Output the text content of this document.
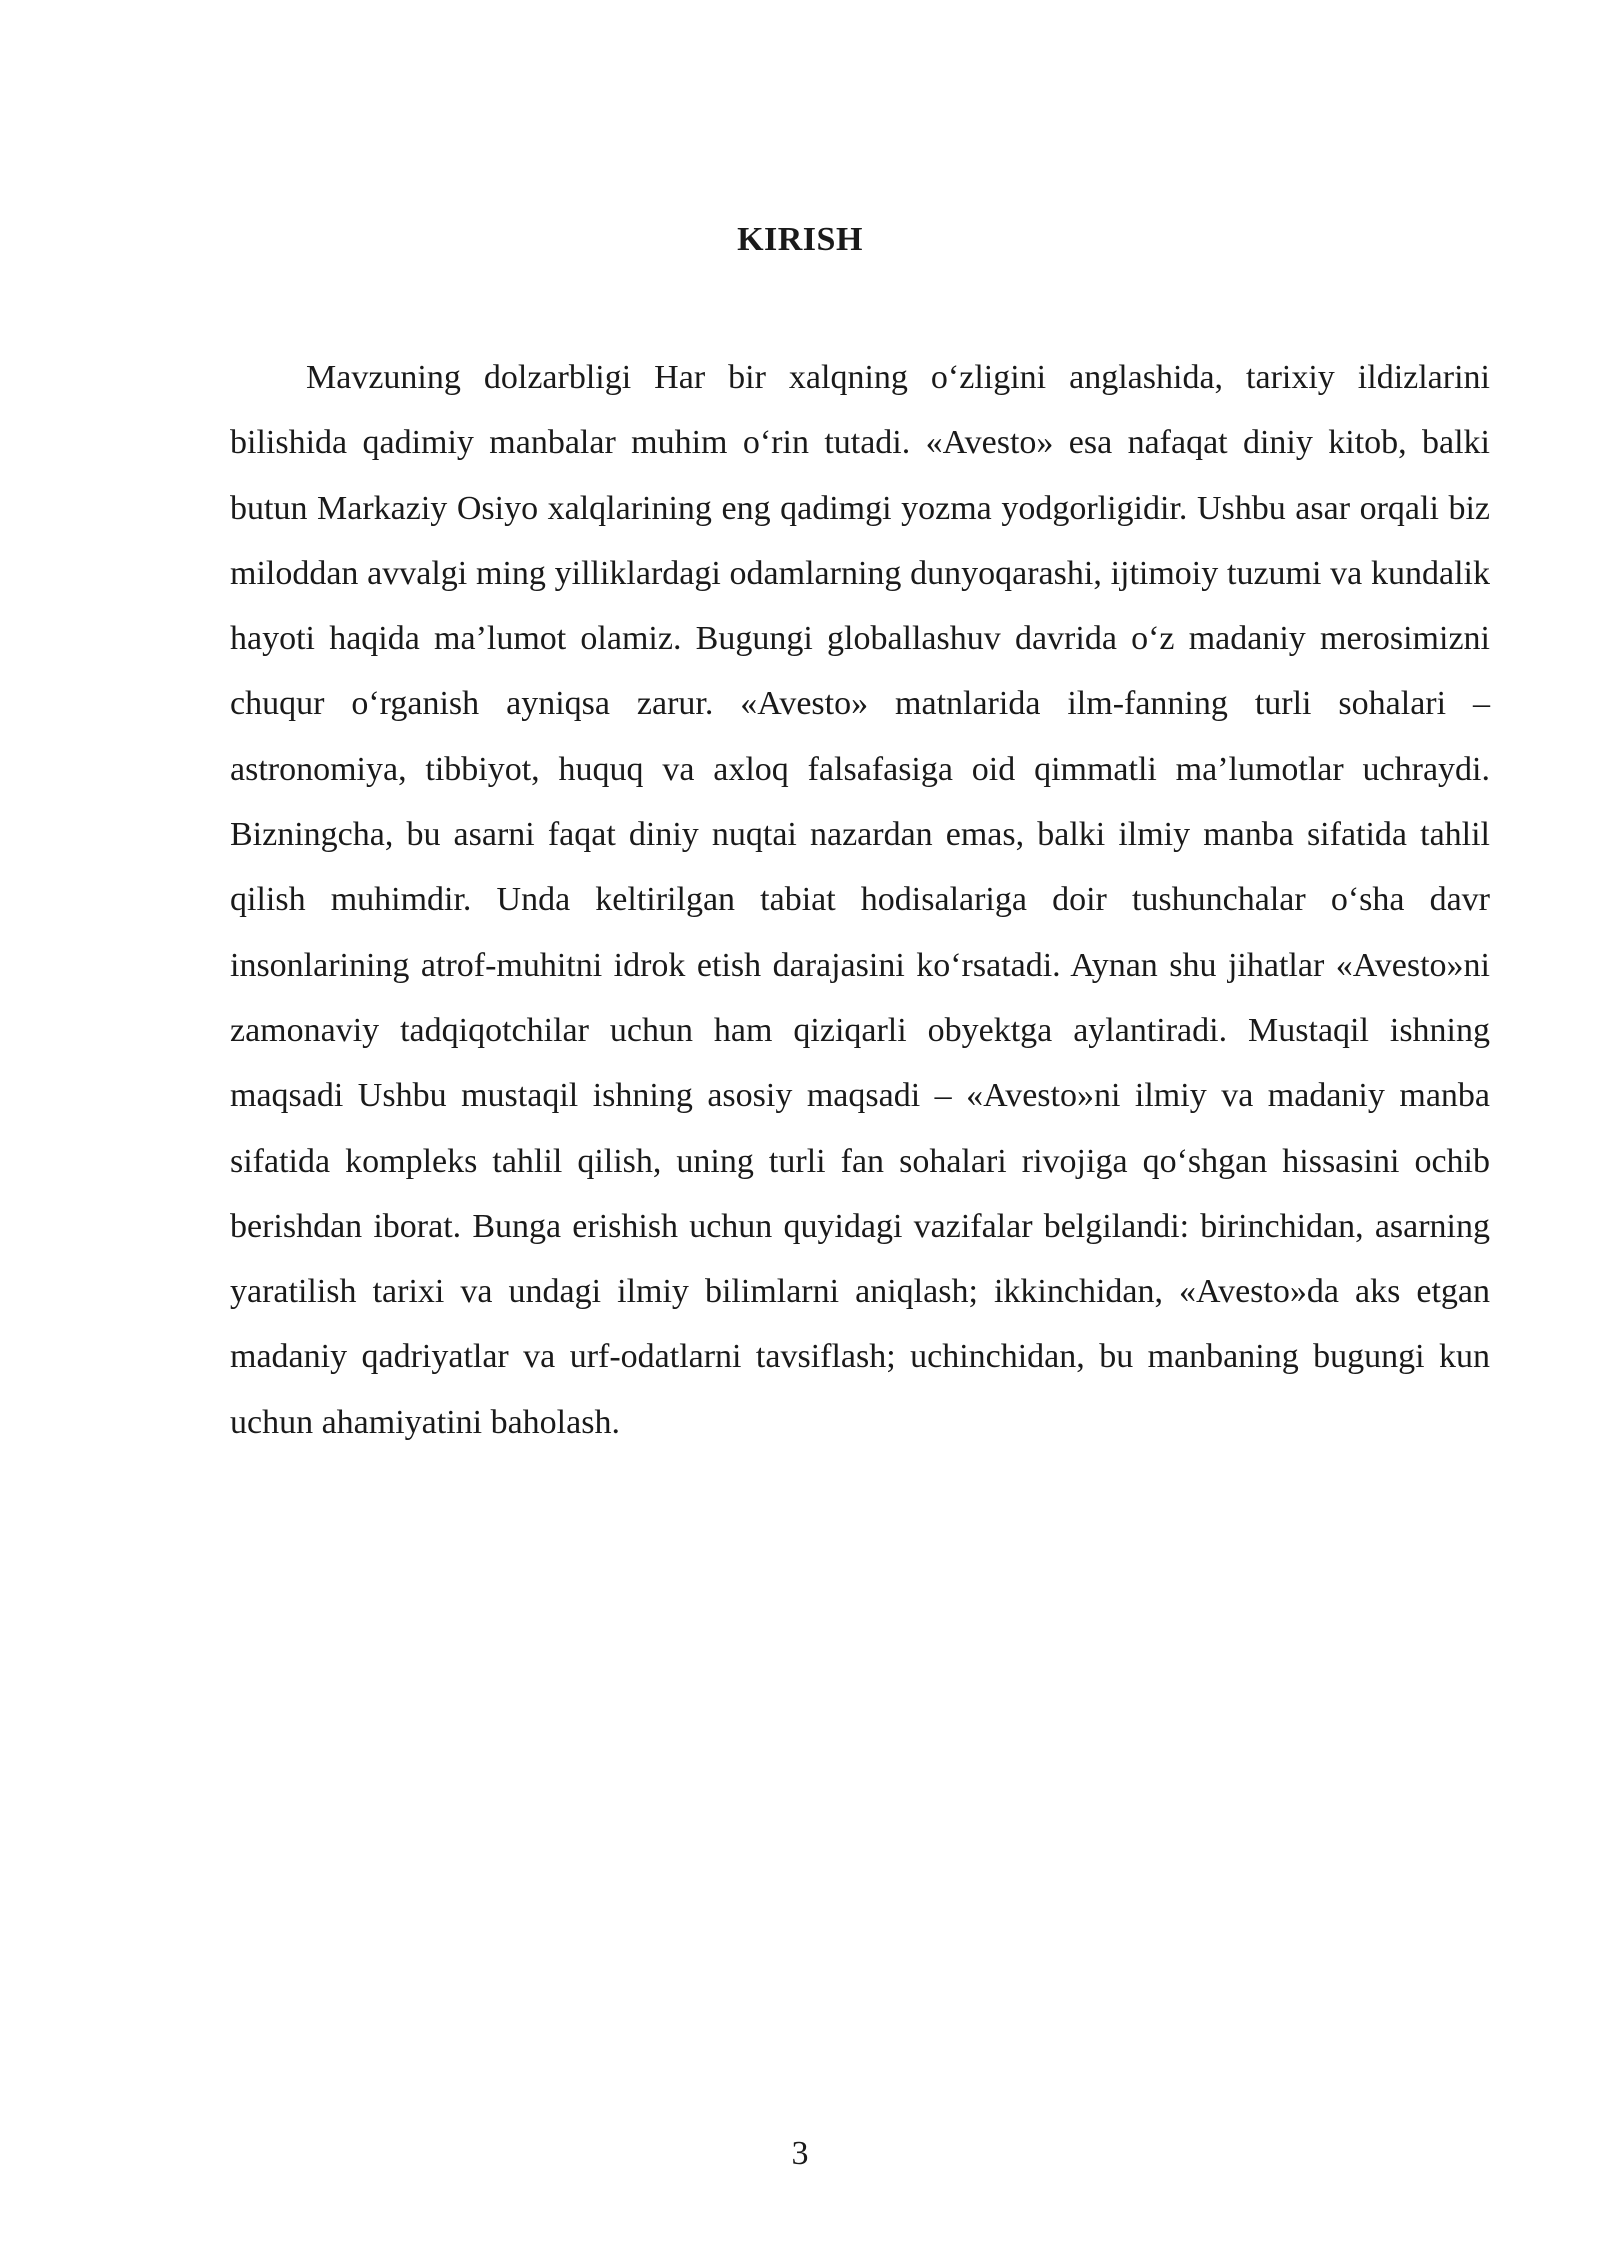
KIRISH

Mavzuning dolzarbligi Har bir xalqning o‘zligini anglashida, tarixiy ildizlarini bilishida qadimiy manbalar muhim o‘rin tutadi. «Avesto» esa nafaqat diniy kitob, balki butun Markaziy Osiyo xalqlarining eng qadimgi yozma yodgorligidir. Ushbu asar orqali biz miloddan avvalgi ming yilliklardagi odamlarning dunyoqarashi, ijtimoiy tuzumi va kundalik hayoti haqida ma’lumot olamiz. Bugungi globallashuv davrida o‘z madaniy merosimizni chuqur o‘rganish ayniqsa zarur. «Avesto» matnlarida ilm-fanning turli sohalari – astronomiya, tibbiyot, huquq va axloq falsafasiga oid qimmatli ma’lumotlar uchraydi. Bizningcha, bu asarni faqat diniy nuqtai nazardan emas, balki ilmiy manba sifatida tahlil qilish muhimdir. Unda keltirilgan tabiat hodisalariga doir tushunchalar o‘sha davr insonlarining atrof-muhitni idrok etish darajasini ko‘rsatadi. Aynan shu jihatlar «Avesto»ni zamonaviy tadqiqotchilar uchun ham qiziqarli obyektga aylantiradi. Mustaqil ishning maqsadi Ushbu mustaqil ishning asosiy maqsadi – «Avesto»ni ilmiy va madaniy manba sifatida kompleks tahlil qilish, uning turli fan sohalari rivojiga qo‘shgan hissasini ochib berishdan iborat. Bunga erishish uchun quyidagi vazifalar belgilandi: birinchidan, asarning yaratilish tarixi va undagi ilmiy bilimlarni aniqlash; ikkinchidan, «Avesto»da aks etgan madaniy qadriyatlar va urf-odatlarni tavsiflash; uchinchidan, bu manbaning bugungi kun uchun ahamiyatini baholash.

3
